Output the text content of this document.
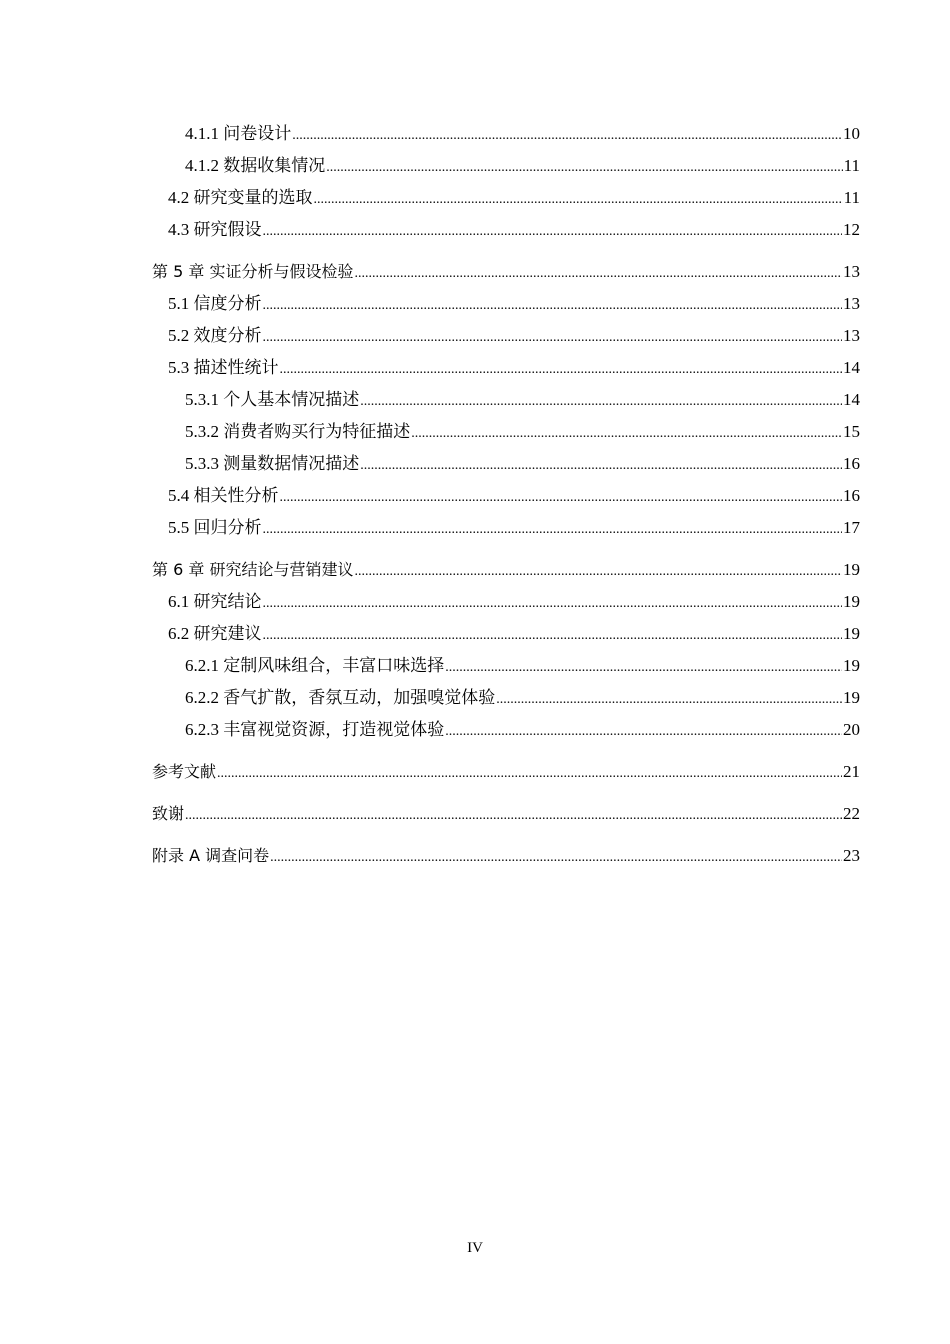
4.1.1 问卷设计 .....	10
4.1.2 数据收集情况 .....	11
4.2 研究变量的选取 .....	11
4.3 研究假设 .....	12
第 5 章 实证分析与假设检验 .....	13
5.1 信度分析 .....	13
5.2 效度分析 .....	13
5.3 描述性统计 .....	14
5.3.1 个人基本情况描述 .....	14
5.3.2 消费者购买行为特征描述 .....	15
5.3.3 测量数据情况描述 .....	16
5.4 相关性分析 .....	16
5.5 回归分析 .....	17
第 6 章 研究结论与营销建议 .....	19
6.1 研究结论 .....	19
6.2 研究建议 .....	19
6.2.1 定制风味组合，丰富口味选择 .....	19
6.2.2 香气扩散，香氛互动，加强嗅觉体验 .....	19
6.2.3 丰富视觉资源，打造视觉体验 .....	20
参考文献 .....	21
致谢 .....	22
附录 A 调查问卷 .....	23
IV
